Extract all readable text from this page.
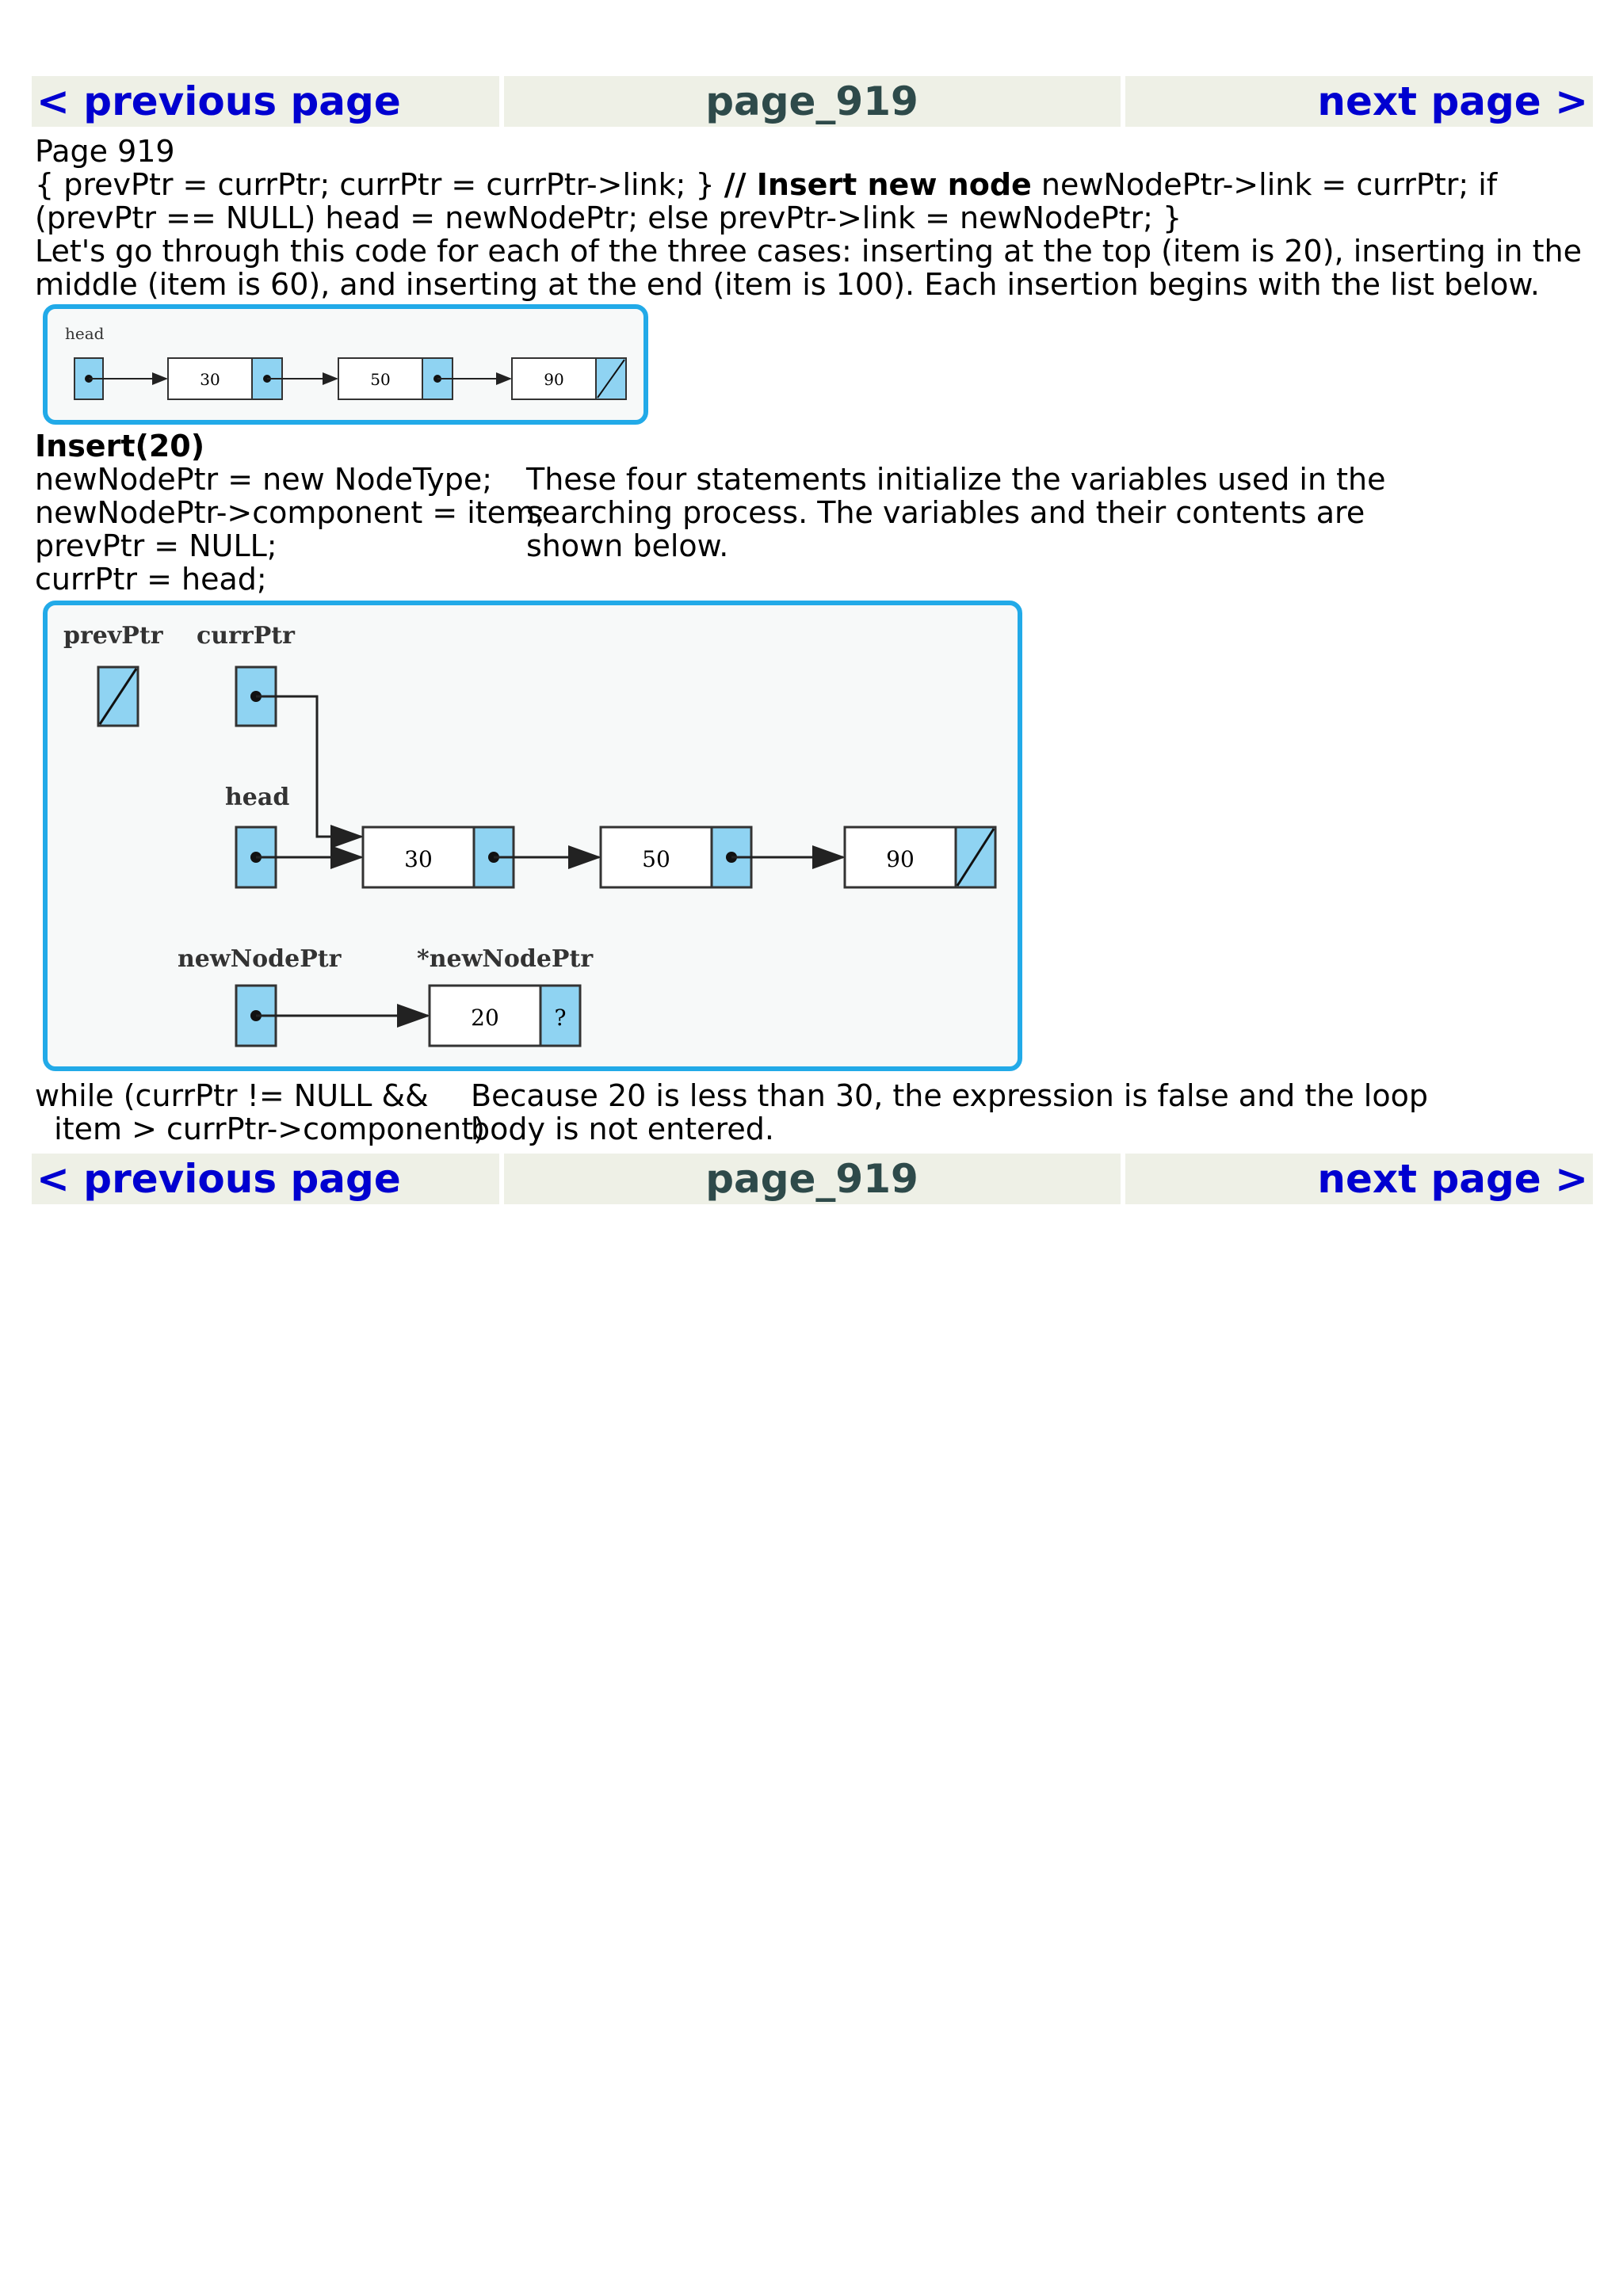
< previous page	page_919	next page >
Page 919
{ prevPtr = currPtr; currPtr = currPtr->link; } // Insert new node newNodePtr->link = currPtr; if
(prevPtr == NULL) head = newNodePtr; else prevPtr->link = newNodePtr; }
Let's go through this code for each of the three cases: inserting at the top (item is 20), inserting in the
middle (item is 60), and inserting at the end (item is 100). Each insertion begins with the list below.
head
30	50	90
Insert(20)
newNodePtr = new NodeType;
newNodePtr->component = item;
prevPtr = NULL;
currPtr = head;
These four statements initialize the variables used in the
searching process. The variables and their contents are
shown below.
prevPtr currPtr
head
30	50	90
newNodePtr	*newNodePtr
20 ?
while (currPtr != NULL &&
item > currPtr->component)
Because 20 is less than 30, the expression is false and the loop
body is not entered.
< previous page	page_919	next page >
